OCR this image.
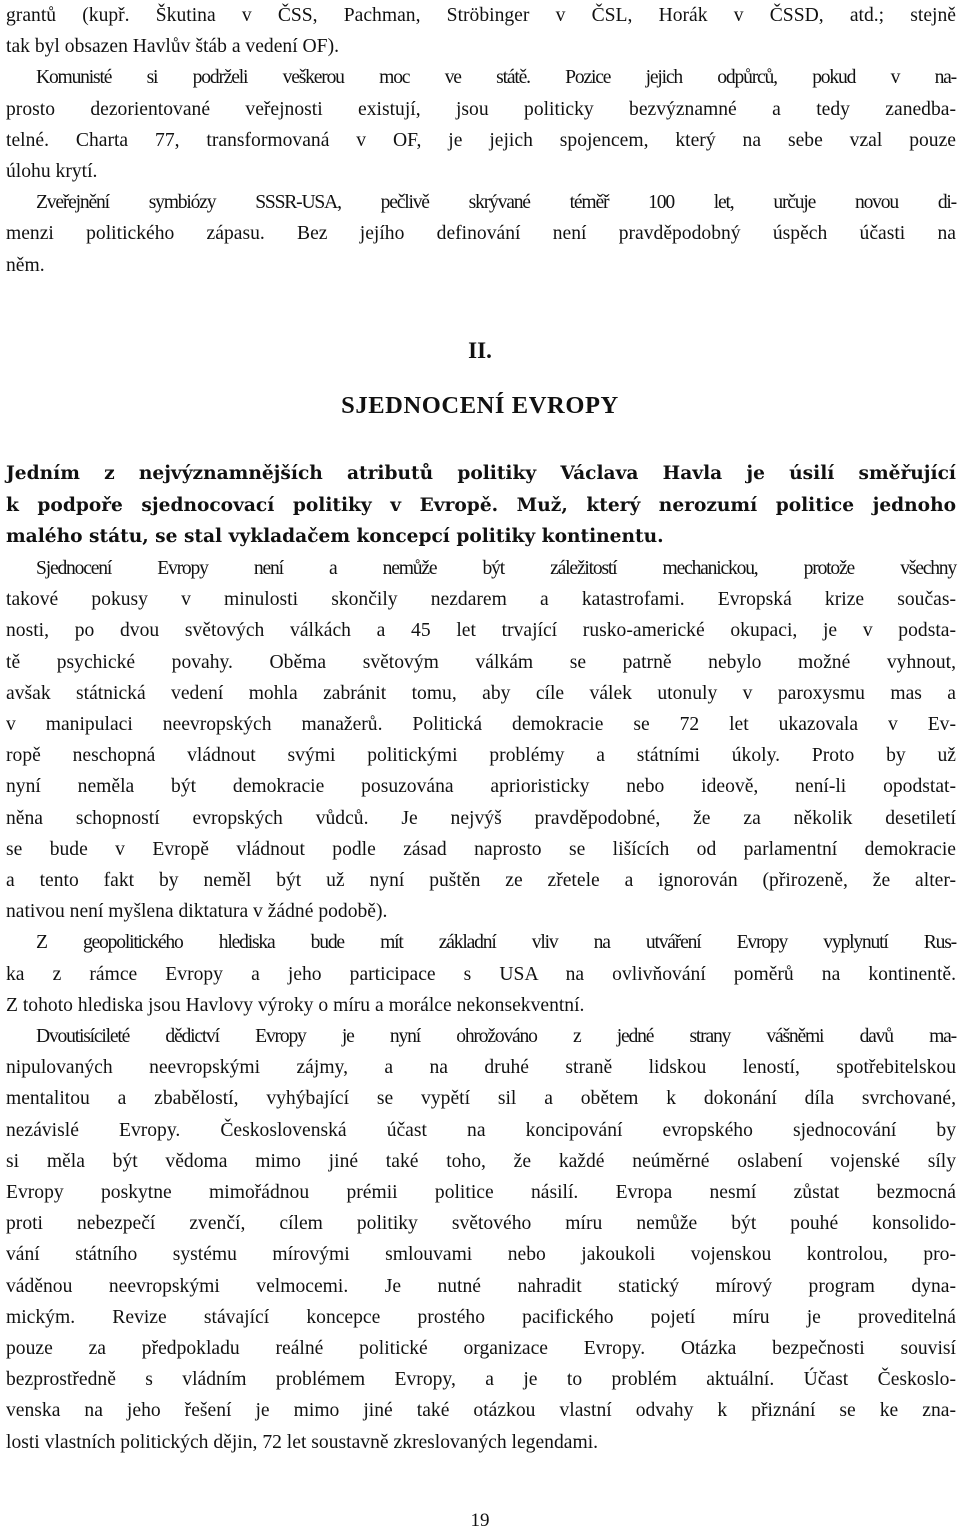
grantů (kupř. Škutina v ČSS, Pachman, Ströbinger v ČSL, Horák v ČSSD, atd.; stejně
tak byl obsazen Havlův štáb a vedení OF).

Komunisté si podrželi veškerou moc ve státě. Pozice jejich odpůrců, pokud v na-
prosto dezorientované veřejnosti existují, jsou politicky bezvýznamné a tedy zanedba-
telné. Charta 77, transformovaná v OF, je jejich spojencem, který na sebe vzal pouze
úlohu krytí.

Zveřejnění symbiózy SSSR-USA, pečlivě skrývané téměř 100 let, určuje novou di-
menzi politického zápasu. Bez jejího definování není pravděpodobný úspěch účasti na
něm.

II.
SJEDNOCENÍ EVROPY

Jedním z nejvýznamnějších atributů politiky Václava Havla je úsilí směřující
k podpoře sjednocovací politiky v Evropě. Muž, který nerozumí politice jednoho
malého státu, se stal vykladačem koncepcí politiky kontinentu.

Sjednocení Evropy není a nemůže být záležitostí mechanickou, protože všechny
takové pokusy v minulosti skončily nezdarem a katastrofami. Evropská krize součas-
nosti, po dvou světových válkách a 45 let trvající rusko-americké okupaci, je v podsta-
tě psychické povahy. Oběma světovým válkám se patrně nebylo možné vyhnout,
avšak státnická vedení mohla zabránit tomu, aby cíle válek utonuly v paroxysmu mas a
v manipulaci neevropských manažerů. Politická demokracie se 72 let ukazovala v Ev-
ropě neschopná vládnout svými politickými problémy a státními úkoly. Proto by už
nyní neměla být demokracie posuzována aprioristicky nebo ideově, není-li opodstat-
něna schopností evropských vůdců. Je nejvýš pravděpodobné, že za několik desetiletí
se bude v Evropě vládnout podle zásad naprosto se lišících od parlamentní demokracie
a tento fakt by neměl být už nyní puštěn ze zřetele a ignorován (přirozeně, že alter-
nativou není myšlena diktatura v žádné podobě).

Z geopolitického hlediska bude mít základní vliv na utváření Evropy vyplynutí Rus-
ka z rámce Evropy a jeho participace s USA na ovlivňování poměrů na kontinentě.
Z tohoto hlediska jsou Havlovy výroky o míru a morálce nekonsekventní.

Dvoutisícileté dědictví Evropy je nyní ohrožováno z jedné strany vášněmi davů ma-
nipulovaných neevropskými zájmy, a na druhé straně lidskou leností, spotřebitelskou
mentalitou a zbabělostí, vyhýbající se vypětí sil a obětem k dokonání díla svrchované,
nezávislé Evropy. Československá účast na koncipování evropského sjednocování by
si měla být vědoma mimo jiné také toho, že každé neúměrné oslabení vojenské síly
Evropy poskytne mimořádnou prémii politice násilí. Evropa nesmí zůstat bezmocná
proti nebezpečí zvenčí, cílem politiky světového míru nemůže být pouhé konsolido-
vání státního systému mírovými smlouvami nebo jakoukoli vojenskou kontrolou, pro-
váděnou neevropskými velmocemi. Je nutné nahradit statický mírový program dyna-
mickým. Revize stávající koncepce prostého pacifického pojetí míru je proveditelná
pouze za předpokladu reálné politické organizace Evropy. Otázka bezpečnosti souvisí
bezprostředně s vládním problémem Evropy, a je to problém aktuální. Účast Českoslo-
venska na jeho řešení je mimo jiné také otázkou vlastní odvahy k přiznání se ke zna-
losti vlastních politických dějin, 72 let soustavně zkreslovaných legendami.

19
